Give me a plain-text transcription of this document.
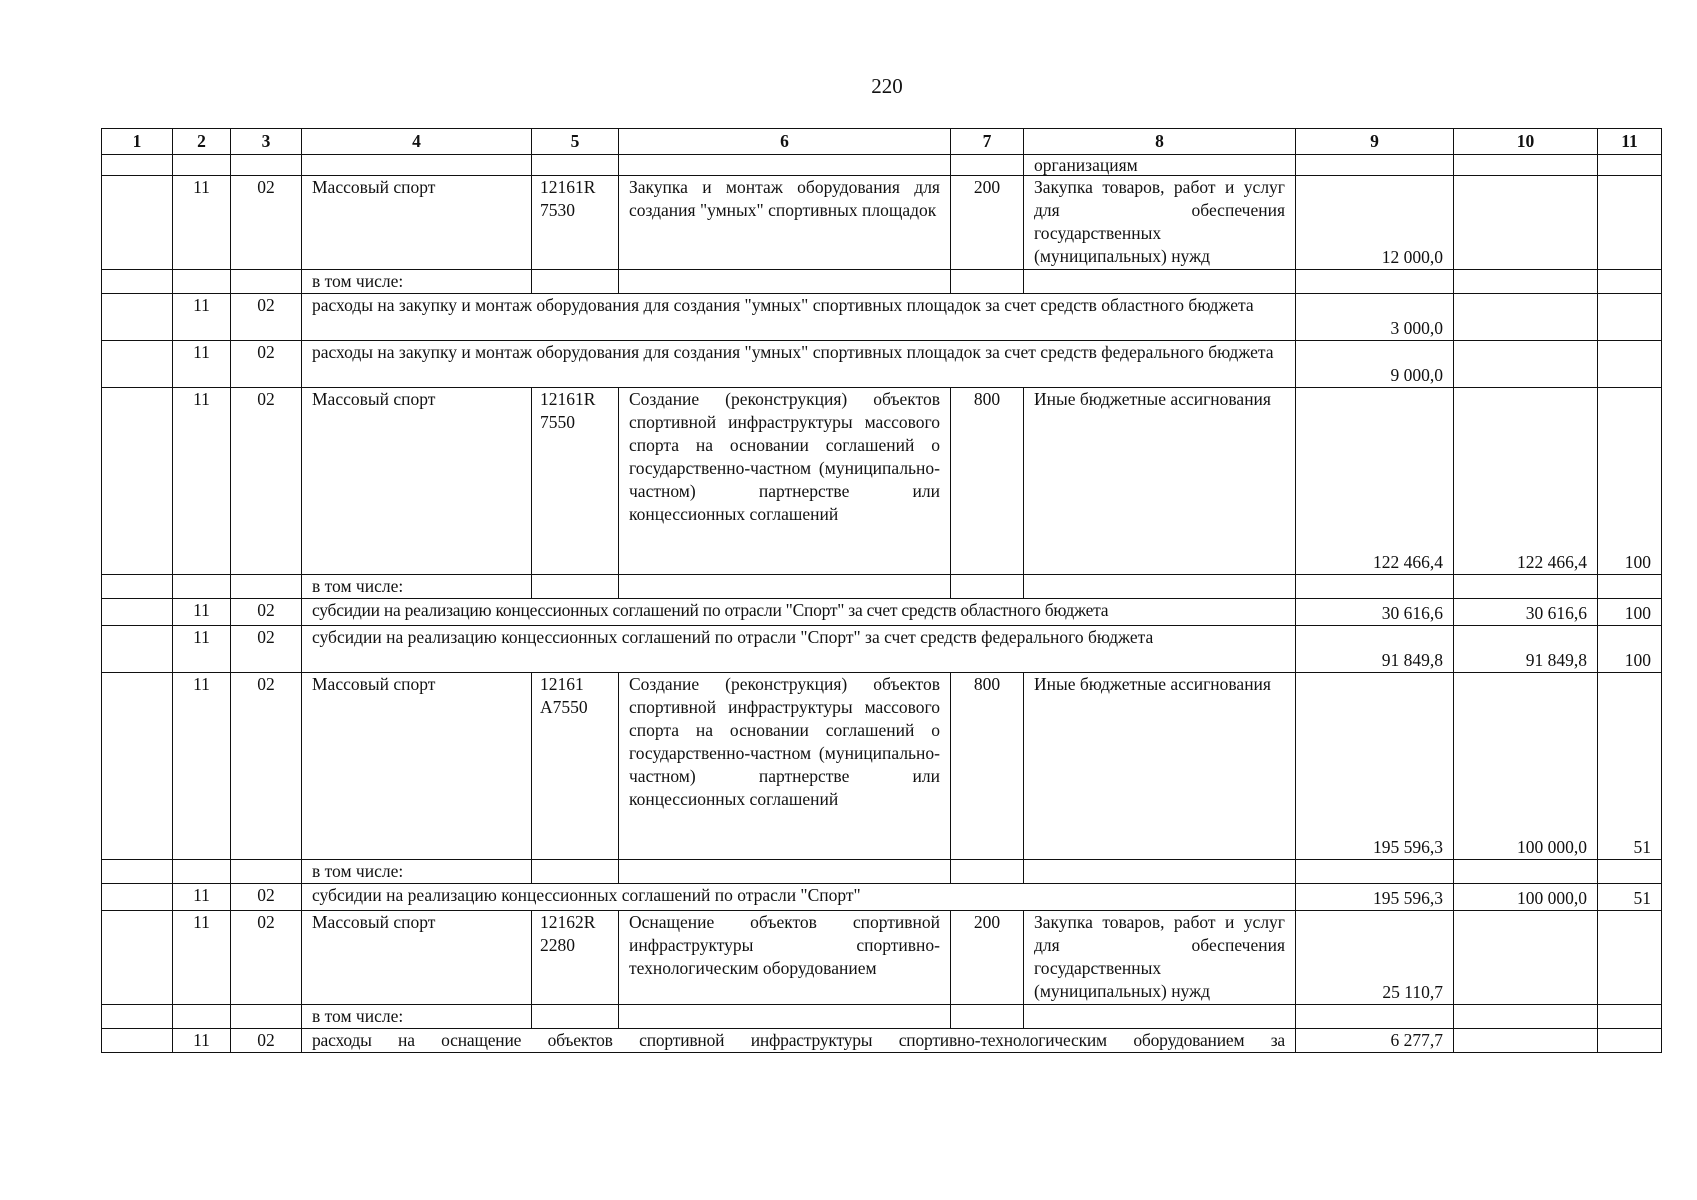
220
1	2	3	4	5	6	7	8	9	10	11
							организациям			
	11	02	Массовый спорт	12161R 7530	Закупка и монтаж оборудования для создания "умных" спортивных площадок	200	Закупка товаров, работ и услуг для обеспечения государственных (муниципальных) нужд	12 000,0		
			в том числе:							
	11	02	расходы на закупку и монтаж оборудования для создания "умных" спортивных площадок за счет средств областного бюджета					3 000,0		
	11	02	расходы на закупку и монтаж оборудования для создания "умных" спортивных площадок за счет средств федерального бюджета					9 000,0		
	11	02	Массовый спорт	12161R 7550	Создание (реконструкция) объектов спортивной инфраструктуры массового спорта на основании соглашений о государственно-частном (муниципально-частном) партнерстве или концессионных соглашений	800	Иные бюджетные ассигнования	122 466,4	122 466,4	100
			в том числе:							
	11	02	субсидии на реализацию концессионных соглашений по отрасли "Спорт" за счет средств областного бюджета					30 616,6	30 616,6	100
	11	02	субсидии на реализацию концессионных соглашений по отрасли "Спорт" за счет средств федерального бюджета					91 849,8	91 849,8	100
	11	02	Массовый спорт	12161 А7550	Создание (реконструкция) объектов спортивной инфраструктуры массового спорта на основании соглашений о государственно-частном (муниципально-частном) партнерстве или концессионных соглашений	800	Иные бюджетные ассигнования	195 596,3	100 000,0	51
			в том числе:							
	11	02	субсидии на реализацию концессионных соглашений по отрасли "Спорт"					195 596,3	100 000,0	51
	11	02	Массовый спорт	12162R 2280	Оснащение объектов спортивной инфраструктуры спортивно-технологическим оборудованием	200	Закупка товаров, работ и услуг для обеспечения государственных (муниципальных) нужд	25 110,7		
			в том числе:							
	11	02	расходы на оснащение объектов спортивной инфраструктуры спортивно-технологическим оборудованием за					6 277,7		
